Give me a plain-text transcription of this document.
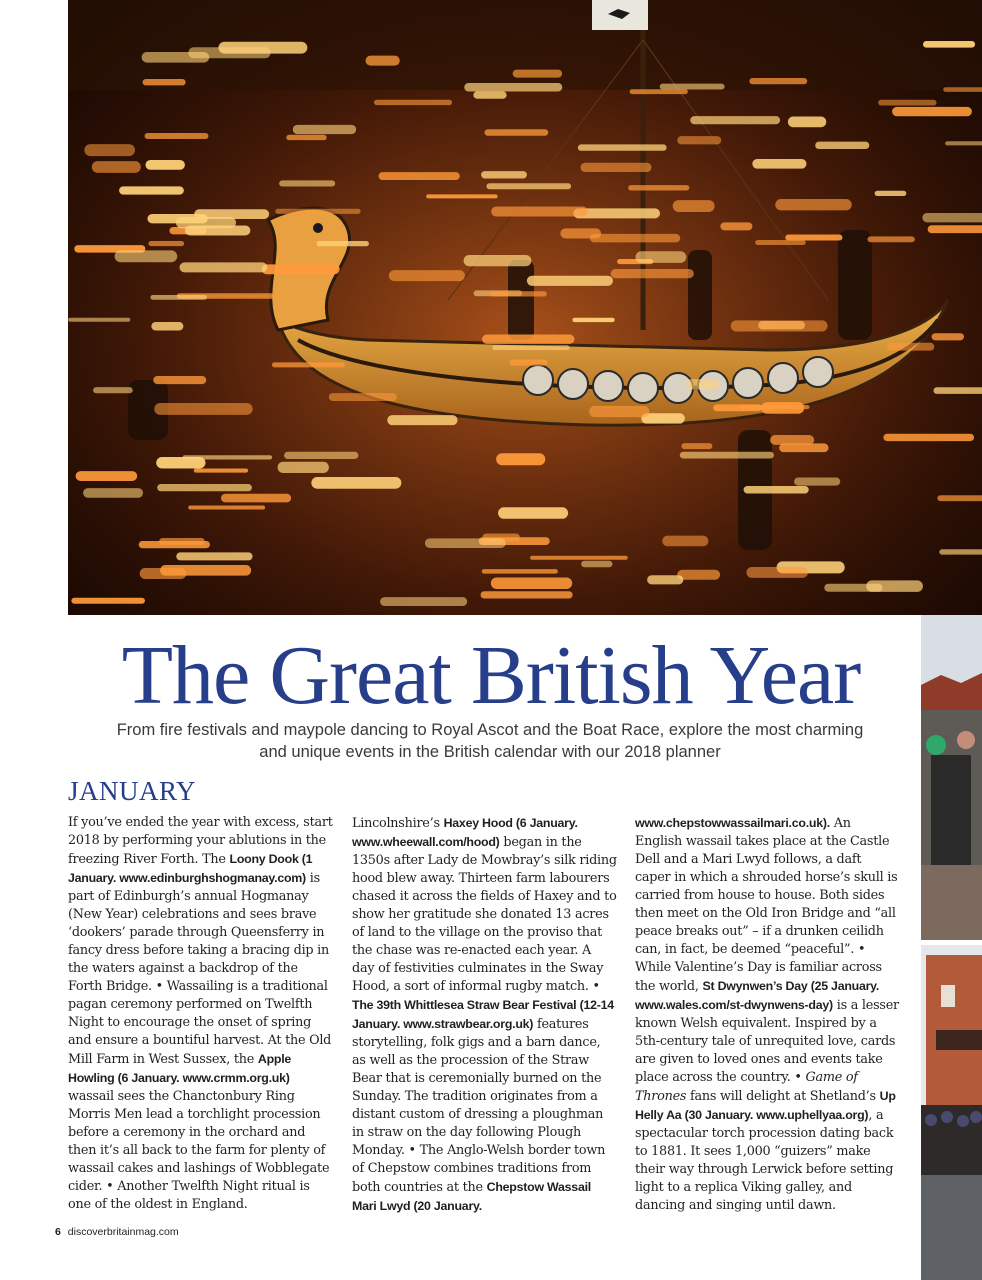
The Great British Year

From fire festivals and maypole dancing to Royal Ascot and the Boat Race, explore the most charming and unique events in the British calendar with our 2018 planner

JANUARY
If you’ve ended the year with excess, start 2018 by performing your ablutions in the freezing River Forth. The Loony Dook (1 January. www.edinburghshogmanay.com) is part of Edinburgh’s annual Hogmanay (New Year) celebrations and sees brave ‘dookers’ parade through Queensferry in fancy dress before taking a bracing dip in the waters against a backdrop of the Forth Bridge. • Wassailing is a traditional pagan ceremony performed on Twelfth Night to encourage the onset of spring and ensure a bountiful harvest. At the Old Mill Farm in West Sussex, the Apple Howling (6 January. www.crmm.org.uk) wassail sees the Chanctonbury Ring Morris Men lead a torchlight procession before a ceremony in the orchard and then it’s all back to the farm for plenty of wassail cakes and lashings of Wobblegate cider. • Another Twelfth Night ritual is one of the oldest in England.
Lincolnshire’s Haxey Hood (6 January. www.wheewall.com/hood) began in the 1350s after Lady de Mowbray’s silk riding hood blew away. Thirteen farm labourers chased it across the fields of Haxey and to show her gratitude she donated 13 acres of land to the village on the proviso that the chase was re-enacted each year. A day of festivities culminates in the Sway Hood, a sort of informal rugby match. • The 39th Whittlesea Straw Bear Festival (12-14 January. www.strawbear.org.uk) features storytelling, folk gigs and a barn dance, as well as the procession of the Straw Bear that is ceremonially burned on the Sunday. The tradition originates from a distant custom of dressing a ploughman in straw on the day following Plough Monday. • The Anglo-Welsh border town of Chepstow combines traditions from both countries at the Chepstow Wassail Mari Lwyd (20 January.
www.chepstowwassailmari.co.uk). An English wassail takes place at the Castle Dell and a Mari Lwyd follows, a daft caper in which a shrouded horse’s skull is carried from house to house. Both sides then meet on the Old Iron Bridge and “all peace breaks out” – if a drunken ceilidh can, in fact, be deemed “peaceful”. • While Valentine’s Day is familiar across the world, St Dwynwen’s Day (25 January. www.wales.com/st-dwynwens-day) is a lesser known Welsh equivalent. Inspired by a 5th-century tale of unrequited love, cards are given to loved ones and events take place across the country. • Game of Thrones fans will delight at Shetland’s Up Helly Aa (30 January. www.uphellyaa.org), a spectacular torch procession dating back to 1881. It sees 1,000 “guizers” make their way through Lerwick before setting light to a replica Viking galley, and dancing and singing until dawn.
6 discoverbritainmag.com
